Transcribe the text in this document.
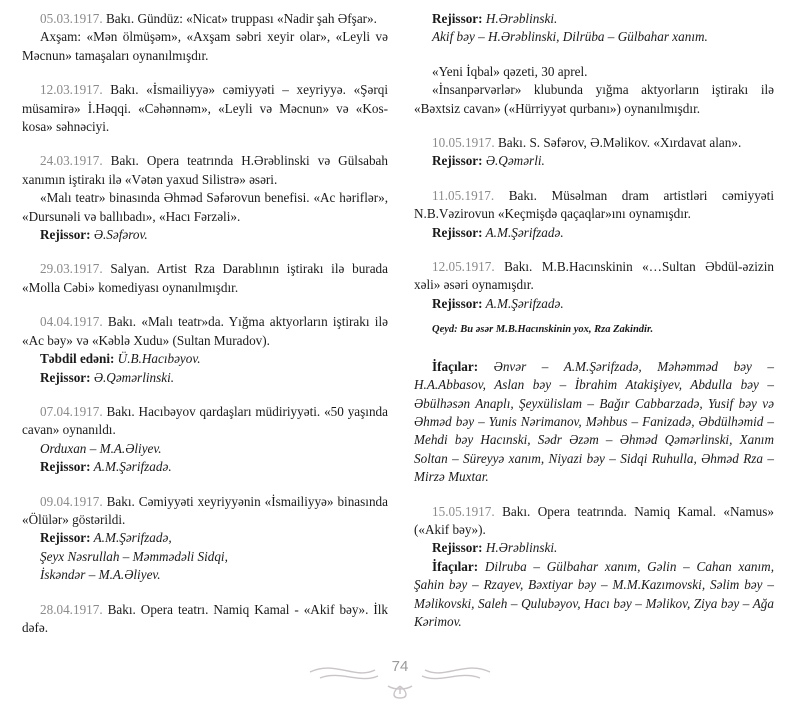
05.03.1917. Bakı. Gündüz: «Nicat» truppası «Nadir şah Əfşar».

Axşam: «Mən ölmüşəm», «Axşam səbri xeyir olar», «Leyli və Məcnun» tamaşaları oynanılmışdır.

12.03.1917. Bakı. «İsmailiyyə» cəmiyyəti – xeyriyyə. «Şərqi müsamirə» İ.Həqqi. «Cəhənnəm», «Leyli və Məcnun» və «Kos-kosa» səhnəciyi.

24.03.1917. Bakı. Opera teatrında H.Ərəblinski və Gülsabah xanımın iştirakı ilə «Vətən yaxud Silistrə» əsəri.

«Malı teatr» binasında Əhməd Səfərovun benefisi. «Ac həriflər», «Dursunəli və ballıbadı», «Hacı Fərzəli».

Rejissor: Ə.Səfərov.

29.03.1917. Salyan. Artist Rza Darablının iştirakı ilə burada «Molla Cəbi» komediyası oynanılmışdır.

04.04.1917. Bakı. «Malı teatr»da. Yığma aktyorların iştirakı ilə «Ac bəy» və «Kəblə Xudu» (Sultan Muradov).

Təbdil edəni: Ü.B.Hacıbəyov.

Rejissor: Ə.Qəmərlinski.

07.04.1917. Bakı. Hacıbəyov qardaşları müdiriyyəti. «50 yaşında cavan» oynanıldı.

Orduxan – M.A.Əliyev.

Rejissor: A.M.Şərifzadə.

09.04.1917. Bakı. Cəmiyyəti xeyriyyənin «İsmailiyyə» binasında «Ölülər» göstərildi.

Rejissor: A.M.Şərifzadə,

Şeyx Nəsrullah – Məmmədəli Sidqi,

İskəndər – M.A.Əliyev.

28.04.1917. Bakı. Opera teatrı. Namiq Kamal - «Akif bəy». İlk dəfə.

Rejissor: H.Ərəblinski.

Akif bəy – H.Ərəblinski, Dilrüba – Gülbahar xanım.

«Yeni İqbal» qəzeti, 30 aprel.

«İnsanpərvərlər» klubunda yığma aktyorların iştirakı ilə «Bəxtsiz cavan» («Hürriyyət qurbanı») oynanılmışdır.

10.05.1917. Bakı. S. Səfərov, Ə.Məlikov. «Xırdavat alan».

Rejissor: Ə.Qəmərli.

11.05.1917. Bakı. Müsəlman dram artistləri cəmiyyəti N.B.Vəzirovun «Keçmişdə qaçaqlar»ını oynamışdır.

Rejissor: A.M.Şərifzadə.

12.05.1917. Bakı. M.B.Hacınskinin «…Sultan Əbdül-əzizin xəli» əsəri oynamışdır.

Rejissor: A.M.Şərifzadə.

Qeyd: Bu əsər M.B.Hacınskinin yox, Rza Zakindir.

İfaçılar: Ənvər – A.M.Şərifzadə, Məhəmməd bəy – H.A.Abbasov, Aslan bəy – İbrahim Atakişiyev, Abdulla bəy – Əbülhəsən Anaplı, Şeyxülislam – Bağır Cabbarzadə, Yusif bəy və Əhməd bəy – Yunis Nərimanov, Məhbus – Fanizadə, Əbdülhəmid – Mehdi bəy Hacınski, Sədr Əzəm – Əhməd Qəmərlinski, Xanım Soltan – Süreyyə xanım, Niyazi bəy – Sidqi Ruhulla, Əhməd Rza – Mirzə Muxtar.

15.05.1917. Bakı. Opera teatrında. Namiq Kamal. «Namus» («Akif bəy»).

Rejissor: H.Ərəblinski.

İfaçılar: Dilruba – Gülbahar xanım, Gəlin – Cahan xanım, Şahin bəy – Rzayev, Bəxtiyar bəy – M.M.Kazımovski, Səlim bəy – Məlikovski, Saleh – Qulubəyov, Hacı bəy – Məlikov, Ziya bəy – Ağa Kərimov.

74
